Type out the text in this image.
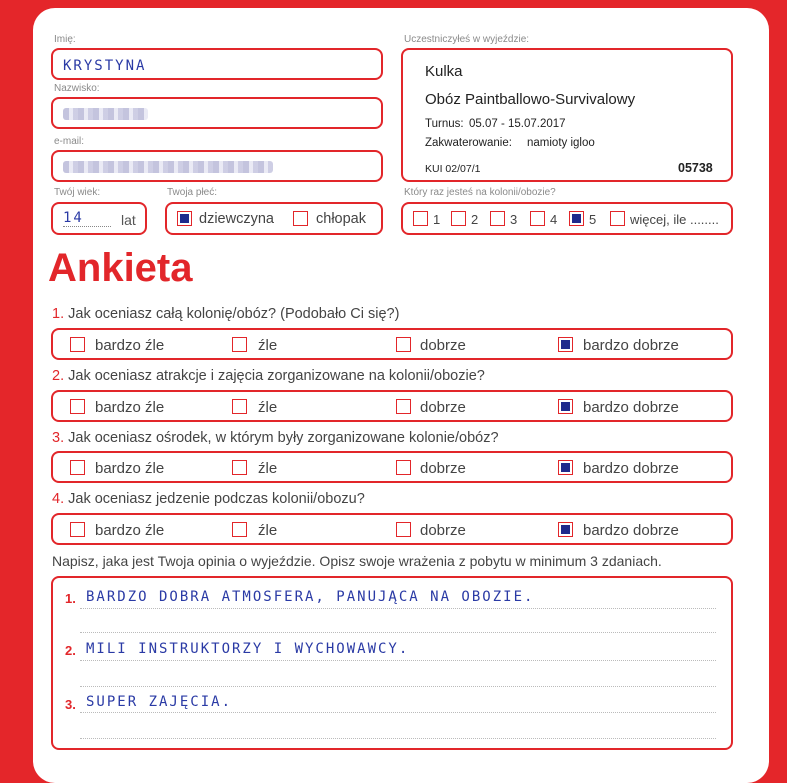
Imię:
KRYSTYNA
Nazwisko:
e-mail:
Twój wiek:
14	lat
Twoja płeć:
dziewczyna	chłopak
Uczestniczyłeś w wyjeździe:
Kulka
Obóz Paintballowo-Survivalowy
Turnus: 05.07 - 15.07.2017
Zakwaterowanie: namioty igloo
KUI 02/07/1	05738
Który raz jesteś na kolonii/obozie?
1 2 3	4 5	więcej, ile ........
Ankieta
1. Jak oceniasz całą kolonię/obóz? (Podobało Ci się?)
bardzo źle	źle	dobrze	bardzo dobrze
2. Jak oceniasz atrakcje i zajęcia zorganizowane na kolonii/obozie?
bardzo źle	źle	dobrze	bardzo dobrze
3. Jak oceniasz ośrodek, w którym były zorganizowane kolonie/obóz?
bardzo źle	źle	dobrze	bardzo dobrze
4. Jak oceniasz jedzenie podczas kolonii/obozu?
bardzo źle	źle	dobrze	bardzo dobrze
Napisz, jaka jest Twoja opinia o wyjeździe. Opisz swoje wrażenia z pobytu w minimum 3 zdaniach.
1. BARDZO DOBRA ATMOSFERA, PANUJĄCA NA OBOZIE.
2. MILI INSTRUKTORZY I WYCHOWAWCY.
3. SUPER ZAJĘCIA.
